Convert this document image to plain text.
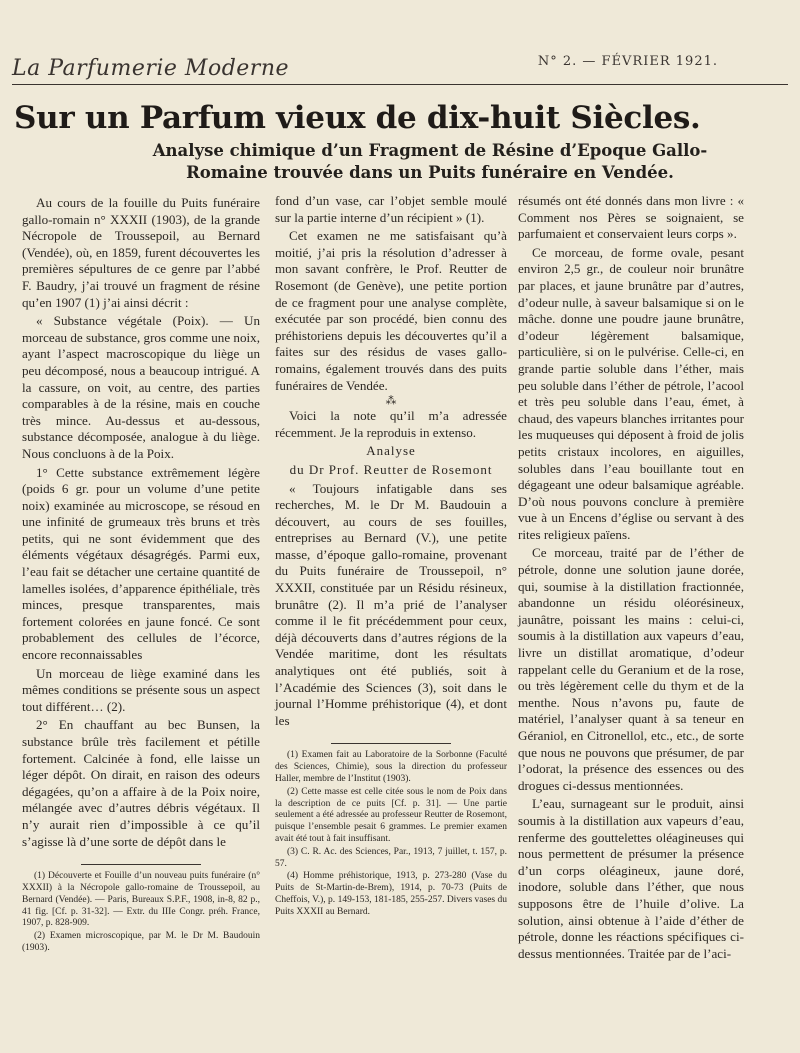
La Parfumerie Moderne	N° 2. — FÉVRIER 1921.
Sur un Parfum vieux de dix-huit Siècles.
Analyse chimique d’un Fragment de Résine d’Epoque Gallo-Romaine trouvée dans un Puits funéraire en Vendée.

Au cours de la fouille du Puits funéraire gallo-romain n° XXXII (1903), de la grande Nécropole de Troussepoil, au Bernard (Vendée), où, en 1859, furent découvertes les premières sépultures de ce genre par l’abbé F. Baudry, j’ai trouvé un fragment de résine qu’en 1907 (1) j’ai ainsi décrit :

« Substance végétale (Poix). — Un morceau de substance, gros comme une noix, ayant l’aspect macroscopique du liège un peu décomposé, nous a beaucoup intrigué. A la cassure, on voit, au centre, des parties comparables à de la résine, mais en couche très mince. Au-dessus et au-dessous, substance décomposée, analogue à du liège. Nous concluons à de la Poix.

1° Cette substance extrêmement légère (poids 6 gr. pour un volume d’une petite noix) examinée au microscope, se résoud en une infinité de grumeaux très bruns et très petits, qui ne sont évidemment que des éléments végétaux désagrégés. Parmi eux, l’eau fait se détacher une certaine quantité de lamelles isolées, d’apparence épithéliale, très minces, presque transparentes, mais fortement colorées en jaune foncé. Ce sont probablement des cellules de l’écorce, encore reconnaissables

Un morceau de liège examiné dans les mêmes conditions se présente sous un aspect tout différent… (2).

2° En chauffant au bec Bunsen, la substance brûle très facilement et pétille fortement. Calcinée à fond, elle laisse un léger dépôt. On dirait, en raison des odeurs dégagées, qu’on a affaire à de la Poix noire, mélangée avec d’autres débris végétaux. Il n’y aurait rien d’impossible à ce qu’il s’agisse là d’une sorte de dépôt dans le

(1) Découverte et Fouille d’un nouveau puits funéraire (n° XXXII) à la Nécropole gallo-romaine de Troussepoil, au Bernard (Vendée). — Paris, Bureaux S.P.F., 1908, in-8, 82 p., 41 fig. [Cf. p. 31-32]. — Extr. du IIIe Congr. préh. France, 1907, p. 828-909.

(2) Examen microscopique, par M. le Dr M. Baudouin (1903).

fond d’un vase, car l’objet semble moulé sur la partie interne d’un récipient » (1).

Cet examen ne me satisfaisant qu’à moitié, j’ai pris la résolution d’adresser à mon savant confrère, le Prof. Reutter de Rosemont (de Genève), une petite portion de ce fragment pour une analyse complète, exécutée par son procédé, bien connu des préhistoriens depuis les découvertes qu’il a faites sur des résidus de vases gallo-romains, également trouvés dans des puits funéraires de Vendée.

⁂

Voici la note qu’il m’a adressée récemment. Je la reproduis in extenso.

Analyse

du Dr Prof. Reutter de Rosemont

« Toujours infatigable dans ses recherches, M. le Dr M. Baudouin a découvert, au cours de ses fouilles, entreprises au Bernard (V.), une petite masse, d’époque gallo-romaine, provenant du Puits funéraire de Troussepoil, n° XXXII, constituée par un Résidu résineux, brunâtre (2). Il m’a prié de l’analyser comme il le fit précédemment pour ceux, déjà découverts dans d’autres régions de la Vendée maritime, dont les résultats analytiques ont été publiés, soit à l’Académie des Sciences (3), soit dans le journal l’Homme préhistorique (4), et dont les

(1) Examen fait au Laboratoire de la Sorbonne (Faculté des Sciences, Chimie), sous la direction du professeur Haller, membre de l’Institut (1903).

(2) Cette masse est celle citée sous le nom de Poix dans la description de ce puits [Cf. p. 31]. — Une partie seulement a été adressée au professeur Reutter de Rosemont, puisque l’ensemble pesait 6 grammes. Le premier examen avait été tout à fait insuffisant.

(3) C. R. Ac. des Sciences, Par., 1913, 7 juillet, t. 157, p. 57.

(4) Homme préhistorique, 1913, p. 273-280 (Vase du Puits de St-Martin-de-Brem), 1914, p. 70-73 (Puits de Cheffois, V.), p. 149-153, 181-185, 255-257. Divers vases du Puits XXXII au Bernard.

résumés ont été donnés dans mon livre : « Comment nos Pères se soignaient, se parfumaient et conservaient leurs corps ».

Ce morceau, de forme ovale, pesant environ 2,5 gr., de couleur noir brunâtre par places, et jaune brunâtre par d’autres, d’odeur nulle, à saveur balsamique si on le mâche. donne une poudre jaune brunâtre, d’odeur légèrement balsamique, particulière, si on le pulvérise. Celle-ci, en grande partie soluble dans l’éther, mais peu soluble dans l’éther de pétrole, l’acool et très peu soluble dans l’eau, émet, à chaud, des vapeurs blanches irritantes pour les muqueuses qui déposent à froid de jolis petits cristaux incolores, en aiguilles, solubles dans l’eau bouillante tout en dégageant une odeur balsamique agréable. D’où nous pouvons conclure à première vue à un Encens d’église ou servant à des rites religieux païens.

Ce morceau, traité par de l’éther de pétrole, donne une solution jaune dorée, qui, soumise à la distillation fractionnée, abandonne un résidu oléorésineux, jaunâtre, poissant les mains : celui-ci, soumis à la distillation aux vapeurs d’eau, livre un distillat aromatique, d’odeur rappelant celle du Geranium et de la rose, ou très légèrement celle du thym et de la menthe. Nous n’avons pu, faute de matériel, l’analyser quant à sa teneur en Géraniol, en Citronellol, etc., etc., de sorte que nous ne pouvons que présumer, de par l’odorat, la présence des essences ou des drogues ci-dessus mentionnées.

L’eau, surnageant sur le produit, ainsi soumis à la distillation aux vapeurs d’eau, renferme des gouttelettes oléagineuses qui nous permettent de présumer la présence d’un corps oléagineux, jaune doré, inodore, soluble dans l’éther, que nous supposons être de l’huile d’olive. La solution, ainsi obtenue à l’aide d’éther de pétrole, donne les réactions spécifiques ci-dessus mentionnées. Traitée par de l’aci-
